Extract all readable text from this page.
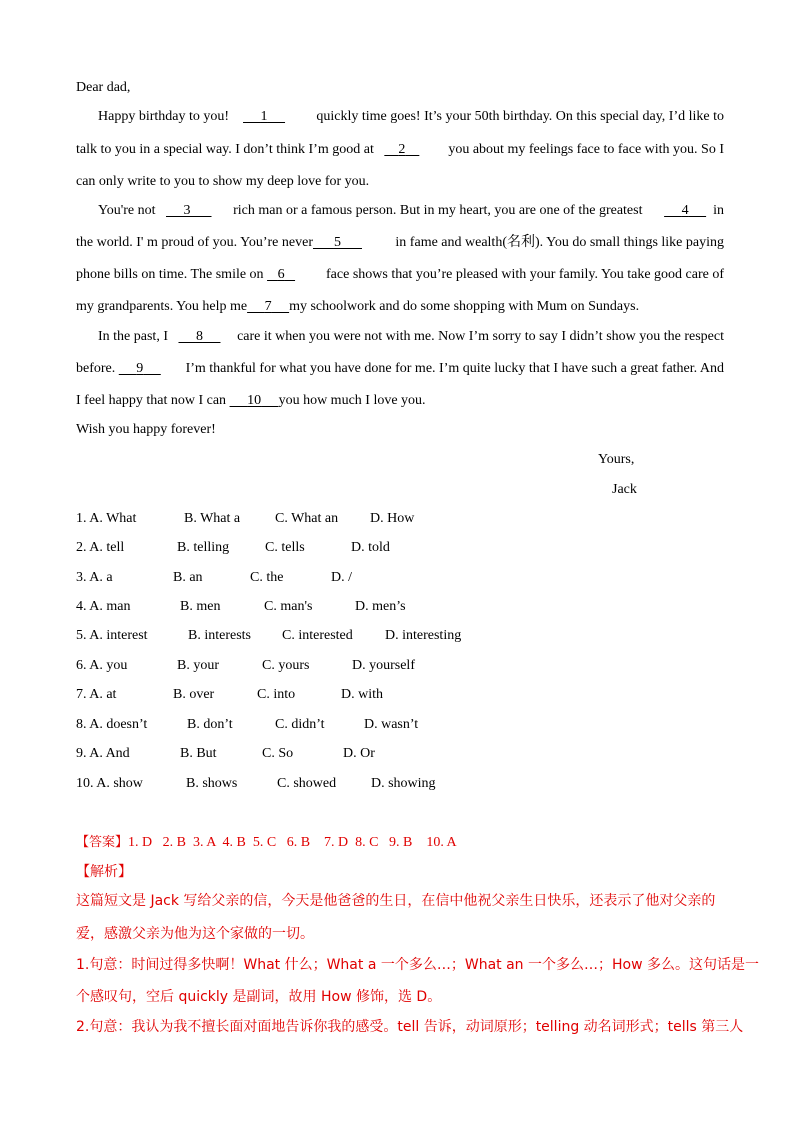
Dear dad,
Happy birthday to you! 1	quickly time goes! It’s your 50th birthday. On this special day, I’d like to
talk to you in a special way. I don’t think I’m good at 2	you about my feelings face to face with you. So I
can only write to you to show my deep love for you.
You're not 3	rich man or a famous person. But in my heart, you are one of the greatest	4 in
the world. I' m proud of you. You’re never 5	in fame and wealth(名利). You do small things like paying
phone bills on time. The smile on 6	face shows that you’re pleased with your family. You take good care of
my grandparents. You help me 7 my schoolwork and do some shopping with Mum on Sundays.
In the past, I 8	care it when you were not with me. Now I’m sorry to say I didn’t show you the respect
before. 9	I’m thankful for what you have done for me. I’m quite lucky that I have such a great father. And
I feel happy that now I can 10 you how much I love you.
Wish you happy forever!
Yours,
Jack
1. A. What	B. What a C. What an D. How
2. A. tell	B. telling	C. tells	D. told
3. A. a	B. an	C. the	D. /
4. A. man	B. men	C. man's	D. men’s
5. A. interest	B. interests C. interested D. interesting
6. A. you	B. your	C. yours	D. yourself
7. A. at	B. over	C. into	D. with
8. A. doesn’t	B. don’t	C. didn’t	D. wasn’t
9. A. And	B. But	C. So	D. Or
10. A. show	B. shows	C. showed D. showing
【答案】1. D   2. B  3. A  4. B  5. C   6. B    7. D  8. C   9. B    10. A
【解析】
这篇短文是 Jack 写给父亲的信，今天是他爸爸的生日，在信中他祝父亲生日快乐，还表示了他对父亲的
爱，感激父亲为他为这个家做的一切。
1.句意：时间过得多快啊！What 什么；What a 一个多么…；What an 一个多么…；How 多么。这句话是一
个感叹句，空后 quickly 是副词，故用 How 修饰，选 D。
2.句意：我认为我不擅长面对面地告诉你我的感受。tell 告诉，动词原形；telling 动名词形式；tells 第三人
